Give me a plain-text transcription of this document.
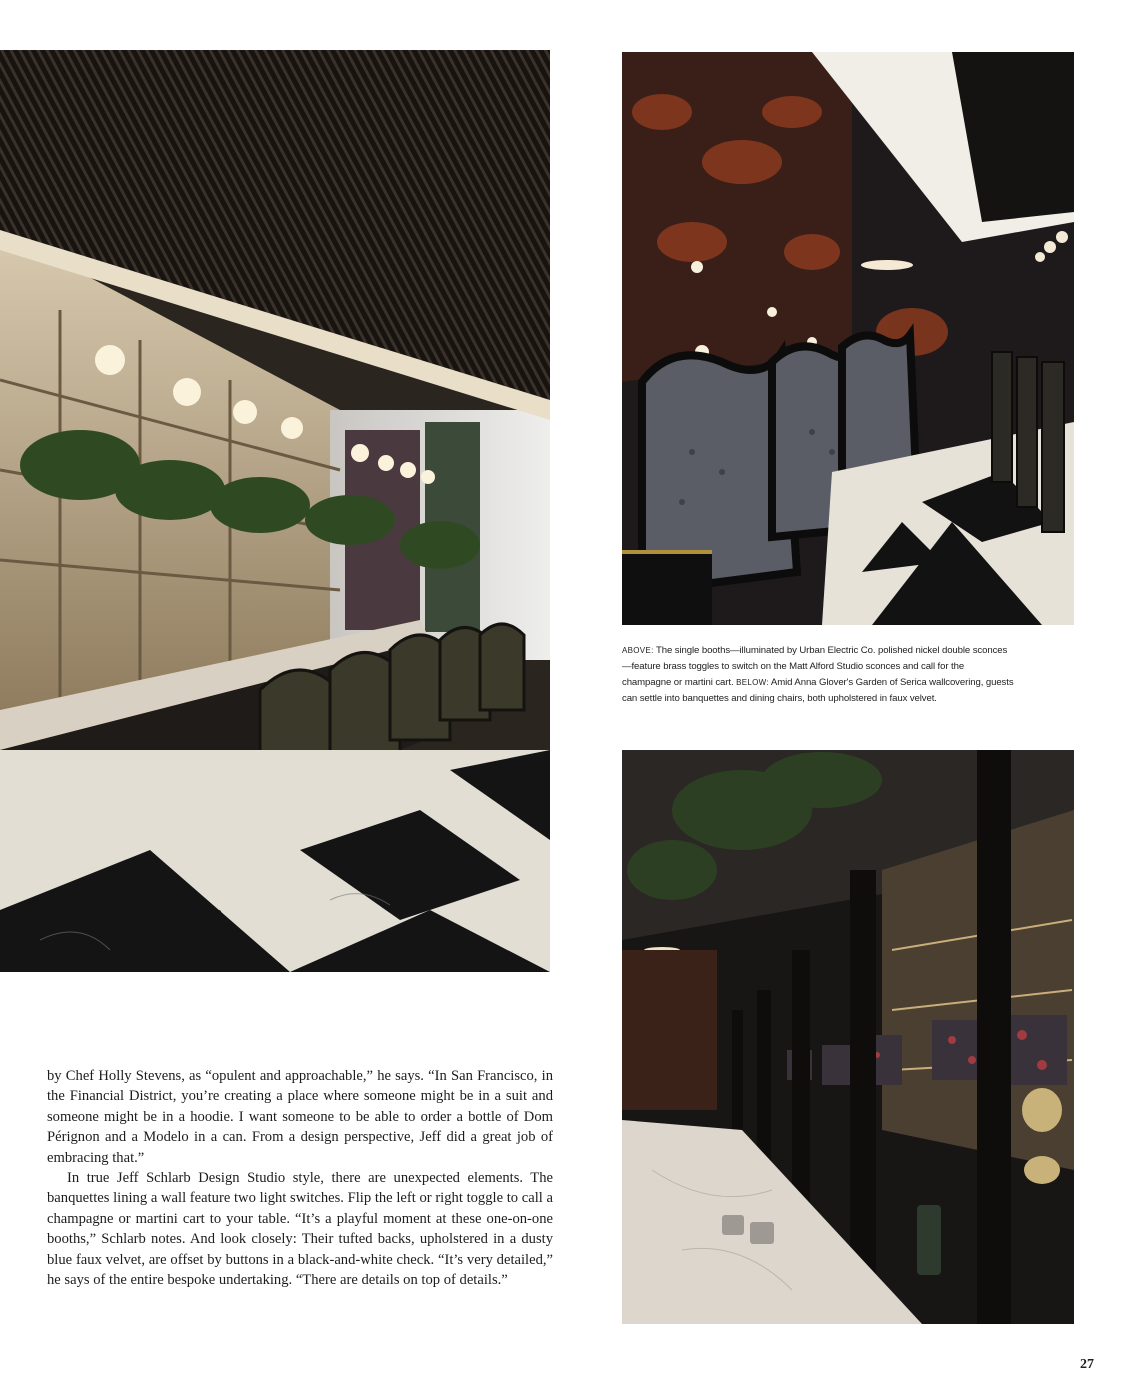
ABOVE: The single booths—illuminated by Urban Electric Co. polished nickel double sconces—feature brass toggles to switch on the Matt Alford Studio sconces and call for the champagne or martini cart. BELOW: Amid Anna Glover's Garden of Serica wallcovering, guests can settle into banquettes and dining chairs, both upholstered in faux velvet.

by Chef Holly Stevens, as “opulent and approachable,” he says. “In San Francisco, in the Financial District, you’re creating a place where someone might be in a suit and someone might be in a hoodie. I want someone to be able to order a bottle of Dom Pérignon and a Modelo in a can. From a design perspective, Jeff did a great job of embracing that.”

In true Jeff Schlarb Design Studio style, there are unexpected elements. The banquettes lining a wall feature two light switches. Flip the left or right toggle to call a champagne or martini cart to your table. “It’s a playful moment at these one-on-one booths,” Schlarb notes. And look closely: Their tufted backs, upholstered in a dusty blue faux velvet, are offset by buttons in a black-and-white check. “It’s very detailed,” he says of the entire bespoke undertaking. “There are details on top of details.”

27
